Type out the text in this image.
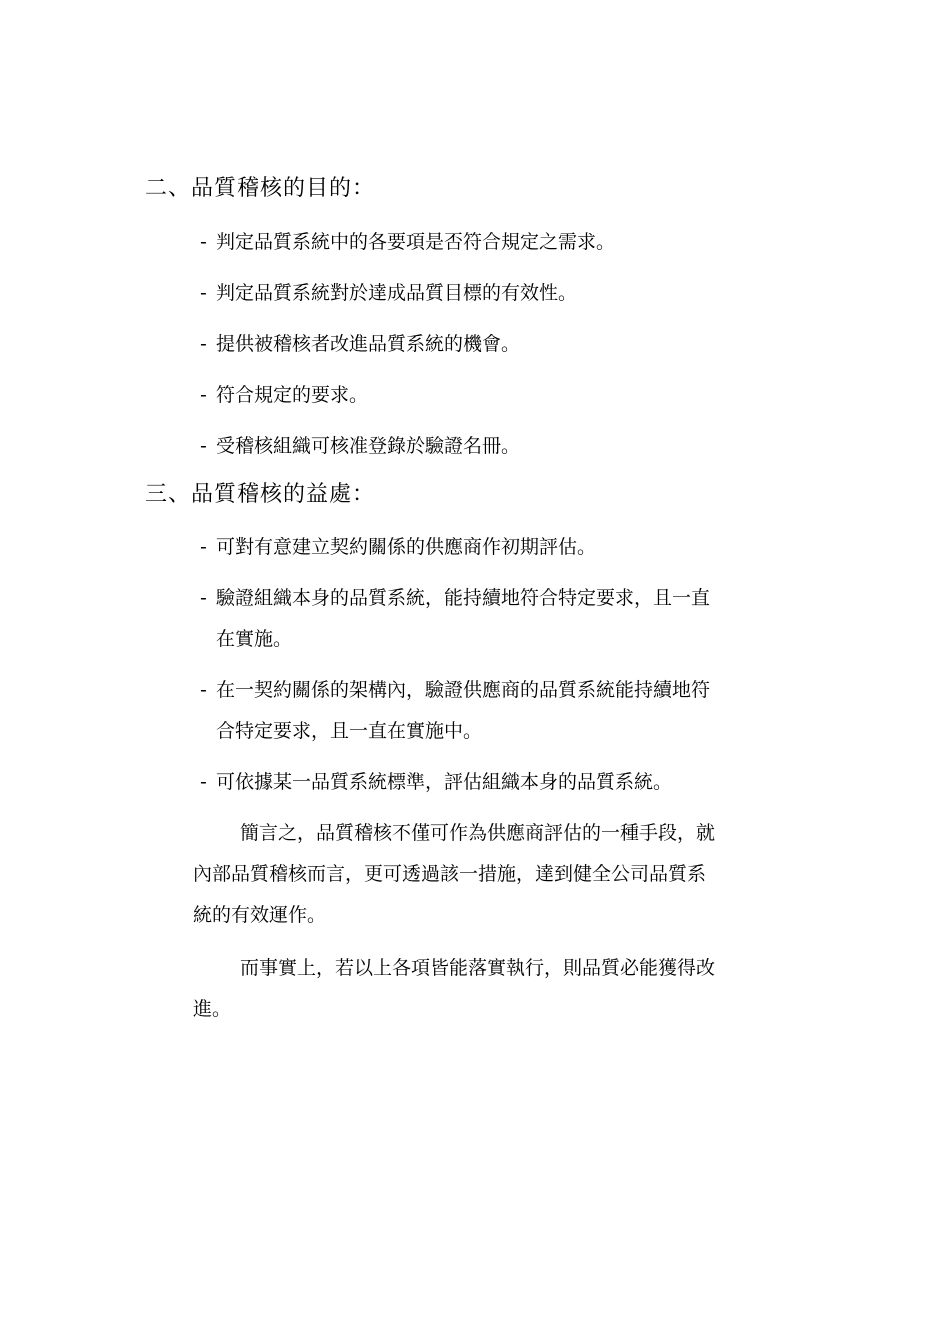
二、品質稽核的目的：
- 判定品質系統中的各要項是否符合規定之需求。
- 判定品質系統對於達成品質目標的有效性。
- 提供被稽核者改進品質系統的機會。
- 符合規定的要求。
- 受稽核組織可核准登錄於驗證名冊。
三、品質稽核的益處：
- 可對有意建立契約關係的供應商作初期評估。
- 驗證組織本身的品質系統，能持續地符合特定要求，且一直
在實施。
- 在一契約關係的架構內，驗證供應商的品質系統能持續地符
合特定要求，且一直在實施中。
- 可依據某一品質系統標準，評估組織本身的品質系統。
簡言之，品質稽核不僅可作為供應商評估的一種手段，就
內部品質稽核而言，更可透過該一措施，達到健全公司品質系
統的有效運作。
而事實上，若以上各項皆能落實執行，則品質必能獲得改
進。
